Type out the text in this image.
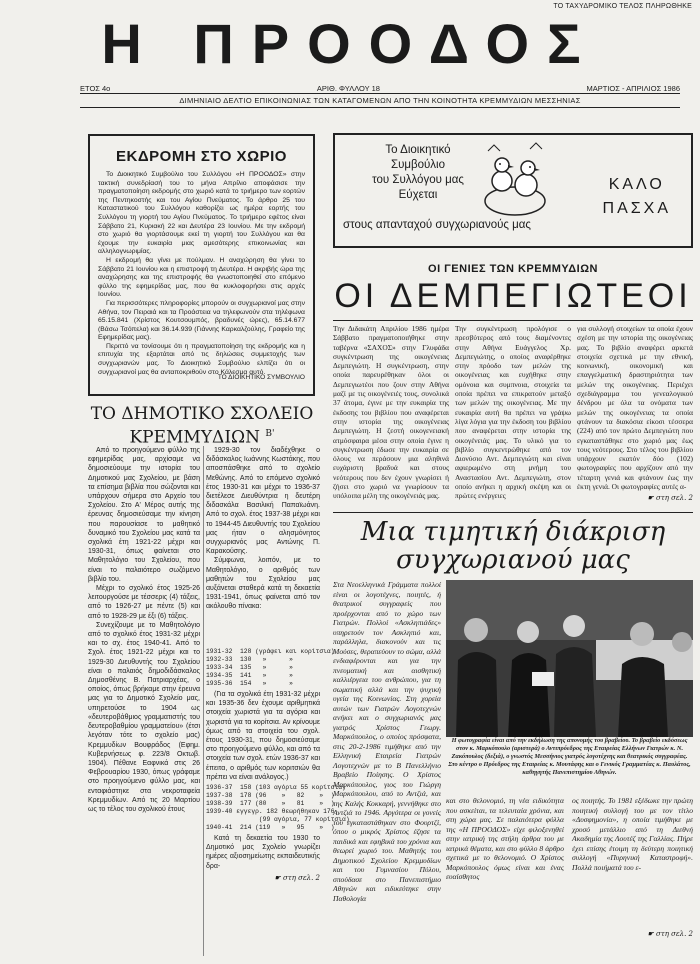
ΤΟ ΤΑΧΥΔΡΟΜΙΚΟ ΤΕΛΟΣ ΠΛΗΡΩΘΗΚΕ
Η ΠΡΟΟΔΟΣ
ΕΤΟΣ 4ο	ΑΡΙΘ. ΦΥΛΛΟΥ 18	ΜΑΡΤΙΟΣ - ΑΠΡΙΛΙΟΣ 1986
ΔΙΜΗΝΙΑΙΟ ΔΕΛΤΙΟ ΕΠΙΚΟΙΝΩΝΙΑΣ ΤΩΝ ΚΑΤΑΓΟΜΕΝΩΝ ΑΠΟ ΤΗΝ ΚΟΙΝΟΤΗΤΑ ΚΡΕΜΜΥΔΙΩΝ ΜΕΣΣΗΝΙΑΣ
ΕΚΔΡΟΜΗ ΣΤΟ ΧΩΡΙΟ

Το Διοικητικό Συμβούλιο του Συλλόγου «Η ΠΡΟΟΔΟΣ» στην τακτική συνεδρίασή του το μήνα Απρίλιο αποφάσισε την πραγματοποίηση εκδρομής στο χωριό κατά το τριήμερο των εορτών της Πεντηκοστής και του Αγίου Πνεύματος. Το άρθρο 25 του Καταστατικού του Συλλόγου καθορίζει ως ημέρα εορτής του Συλλόγου τη γιορτή του Αγίου Πνεύματος. Το τριήμερο εφέτος είναι Σάββατο 21, Κυριακή 22 και Δευτέρα 23 Ιουνίου. Με την εκδρομή στο χωριό θα γιορτάσουμε εκεί τη γιορτή του Συλλόγου και θα έχουμε την ευκαιρία μιας αμεσότερης επικοινωνίας και αλληλογνωριμίας.

Η εκδρομή θα γίνει με πούλμαν. Η αναχώρηση θα γίνει το Σάββατο 21 Ιουνίου και η επιστροφή τη Δευτέρα. Η ακριβής ώρα της αναχώρησης και της επιστροφής θα γνωστοποιηθεί στο επόμενο φύλλο της εφημερίδας μας, που θα κυκλοφορήσει στις αρχές Ιουνίου.

Για περισσότερες πληροφορίες μπορούν οι συγχωριανοί μας στην Αθήνα, τον Πειραιά και τα Προάστεια να τηλεφωνούν στα τηλέφωνα 65.15.841 (Χρίστος Κουτσουμπός, βραδυνές ώρες), 65.14.677 (Βάσω Τσόπελα) και 36.14.939 (Γιάννης Καρκαλζούλης, Γραφείο της Εφημερίδας μας).

Περιττό να τονίσουμε ότι η πραγματοποίηση της εκδρομής και η επιτυχία της εξαρτάται από τις δηλώσεις συμμετοχής των συγχωριανών μας. Το Διοικητικό Συμβούλιο ελπίζει ότι οι συγχωριανοί μας θα ανταποκριθούν στο Κάλεσμα αυτό.

ΤΟ ΔΙΟΙΚΗΤΙΚΟ ΣΥΜΒΟΥΛΙΟ
ΤΟ ΔΗΜΟΤΙΚΟ ΣΧΟΛΕΙΟ ΚΡΕΜΜΥΔΙΩΝ $^{B'}$

Από το προηγούμενο φύλλο της εφημερίδας μας, αρχίσαμε να δημοσιεύουμε την ιστορία του Δημοτικού μας Σχολείου, με βάση τα επίσημα βιβλία που σώζονται και υπάρχουν σήμερα στο Αρχείο του Σχολείου. Στο Α' Μέρος αυτής της έρευνας δημοσιεύσαμε την κίνηση που παρουσίασε το μαθητικό δυναμικό του Σχολείου μας κατά τα σχολικά έτη 1921-22 μέχρι και 1930-31, όπως φαίνεται στο Μαθητολόγιο του Σχολείου, που είναι το παλαιότερο σωζόμενο βιβλίο του.

Μέχρι το σχολικό έτος 1925-26 λειτουργούσε με τέσσερις (4) τάξεις, από το 1926-27 με πέντε (5) και από το 1928-29 με έξι (6) τάξεις.

Συνεχίζουμε με το Μαθητολόγιο από το σχολικό έτος 1931-32 μέχρι και το σχ. έτος 1940-41. Από το Σχολ. έτος 1921-22 μέχρι και το 1929-30 Διευθυντής του Σχολείου είναι ο παλαιός δημοδιδάσκαλος Δημοσθένης Β. Πατριαρχέας, ο οποίος, όπως βρήκαμε στην έρευνα μας για το Δημοτικό Σχολείο μας, υπηρετούσε το 1904 ως «δευτεροβάθμιος γραμματιστής του δευτεροβαθμίου γραμματείου» (έτσι λεγόταν τότε το σχολείο μας) Κρεμμυδίων Βουφράδος (Εφημ. Κυβερνήσεως φ. 223/8 Οκτωβ. 1904). Πέθανε Εαφνικά στις 26 Φεβρουαρίου 1930, όπως γράφαμε στο προηγούμενο φύλλο μας, και ενταφιάστηκε στα νεκροταφεία Κρεμμυδίων. Από τις 20 Μαρτίου ως το τέλος του σχολικού έτους

1929-30 τον διαδέχθηκε ο διδάσκαλος Ιωάννης Κωστάκης, που αποσπάσθηκε από το σχολείο Μεθώνης. Από το επόμενο σχολικό έτος 1930-31 και μέχρι το 1936-37 διετέλεσε Διευθύντρια η δευτέρη διδασκάλα Βασιλική Παπαϊωάνη. Από το σχολ. έτος 1937-38 μέχρι και το 1944-45 Διευθυντής του Σχολείου μας ήταν ο αλησμόνητος συγχωριανός μας Αντώνης Π. Καρακούσης.

Σύμφωνα, λοιπόν, με το Μαθητολόγιο, ο αριθμός των μαθητών του Σχολείου μας αυξάνεται σταθερά κατά τη δεκαετία 1931-1941, όπως φαίνεται από τον ακόλουθο πίνακα:

1931-32  128 (γράφει και κορίτσια)
1932-33  130   »      »
1933-34  135   »      »
1934-35  141   »      »
1935-36  154   »      »

(Για τα σχολικά έτη 1931-32 μέχρι και 1935-36 δεν έχουμε αριθμητικά στοιχεία χωριστά για τα αγόρια και χωριστά για τα κορίτσια. Αν κρίνουμε όμως από τα στοιχεία του σχολ. έτους 1930-31, που δημοσιεύσαμε στο προηγούμενο φύλλο, και από τα στοιχεία των σχολ. ετών 1936-37 και έπειτα, ο αριθμός των κοριτσιών θα πρέπει να είναι ανάλογος.)

1936-37  158 (103 αγόρια 55 κορίτσια)
1937-38  178 (96    »   82    »  )
1938-39  177 (80    »   81    »  )
1939-40 εγγεγρ. 182 θεωρήθηκαν 176
(99 αγόρια, 77 κορίτσια)
1940-41  214 (119   »   95    »  )

Κατά τη δεκαετία του 1930 το Δημοτικό μας Σχολείο γνωρίζει ημέρες αξιοσημείωτης εκπαιδευτικής δρα-

☛ στη σελ. 2
Το Διοικητικό
Συμβούλιο
του Συλλόγου μας
Εύχεται
στους απανταχού συγχωριανούς μας
ΚΑΛΟ
ΠΑΣΧΑ
ΟΙ ΓΕΝΙΕΣ ΤΩΝ ΚΡΕΜΜΥΔΙΩΝ
ΟΙ ΔΕΜΠΕΓΙΩΤΕΟΙ
Την Διδακάτη Απριλίου 1986 ημέρα Σάββατο πραγματοποιήθηκε στην ταβέρνα «ΣΑΧΟΣ» στην Γλυφάδα συγκέντρωση της οικογένειας Δεμπεγιώτη. Η συγκέντρωση, στην οποία παρευρέθηκαν όλοι οι Δεμπεγιωτέοι που ζουν στην Αθήνα μαζί με τις οικογένειές τους, συνολικά 37 άτομα, έγινε με την ευκαιρία της έκδοσης του βιβλίου που αναφέρεται στην ιστορία της οικογένειας Δεμπεγιώτη. Η ζεστή οικογενειακή ατμόσφαιρα μέσα στην οποία έγινε η συγκέντρωση έδωσε την ευκαιρία σε όλους να περάσουν μια αληθινά ευχάριστη βραδυά και στους νεότερους που δεν έχουν γνωρίσει ή ζήσει στο χωριό να γνωρίσουν τα υπόλοιπα μέλη της οικογένειάς μας.
Την συγκέντρωση προλόγισε ο πρεσβύτερος από τους διαμένοντες στην Αθήνα Ευάγγελος Χρ. Δεμπεγιώτης, ο οποίος αναφέρθηκε στην πρόοδο των μελών της οικογένειας και ευχήθηκε στην ομόνοια και συμπνοια, στοιχεία τα οποία πρέπει να επικρατούν μεταξύ των μελών της οικογένειας. Με την ευκαιρία αυτή θα πρέπει να γράψω λίγα λόγια για την έκδοση του βιβλίου που αναφέρεται στην ιστορία της οικογένειάς μας. Το υλικό για το βιβλίο συγκεντρώθηκε από τον Διονύσιο Αντ. Δεμπεγιώτη και είναι αφιερωμένο στη μνήμη του Αναστασίου Αντ. Δεμπεγιώτη, στον οποίο ανήκει η αρχική σκέψη και οι πρώτες ενέργειες
για συλλογή στοιχείων τα οποία έχουν σχέση με την ιστορία της οικογένειας μας. Το βιβλίο αναφέρει αρκετά στοιχεία σχετικά με την εθνική, κοινωνική, οικονομική και επαγγελματική δραστηριότητα των μελών της οικογένειας. Περιέχει σχεδιάγραμμα του γενεαλογικού δένδρου με όλα τα ονόματα των μελών της οικογένειας τα οποία φτάνουν τα διακόσια είκοσι τέσσερα (224) από τον πρώτο Δεμπεγιώτη που εγκαταστάθηκε στο χωριό μας έως τους νεότερους. Στο τέλος του βιβλίου υπάρχουν εκατόν δύο (102) φωτογραφίες που αρχίζουν από την τέταρτη γενιά και φτάνουν έως την έκτη γενιά. Οι φωτογραφίες αυτές α-
☛ στη σελ. 2
Μια τιμητική διάκριση
συγχωριανού μας
Στα Νεοελληνικά Γράμματα πολλοί είναι οι λογοτέχνες, ποιητές, ή θεατρικοί συγγραφείς που προέρχονται από το χώρο των Γιατρών. Πολλοί «Ασκληπιάδες» υπηρετούν τον Ασκληπιό και, παράλληλα, διακονούν και τις Μούσες, θεραπεύουν το σώμα, αλλά ενδιαφέρονται και για την πνευματική και αισθητική καλλιέργεια του ανθρώπου, για τη σωματική αλλά και την ψυχική υγεία της Κοινωνίας. Στη χορεία αυτών των Γιατρών Λογοτεχνών ανήκει και ο συγχωριανός μας γιατρός Χρίστος Γεωργ. Μαρκόπουλος, ο οποίος πρόσφατα, στις 20-2-1986 τιμήθηκε από την Ελληνική Εταιρεία Γιατρών Λογοτεχνών με το Β Πανελλήνιο Βραβείο Ποίησης. Ο Χρίστος Μαρκόπουλος, γιος του Γιώργη Μαρκόπουλου, από το Αντζιά, και της Καλής Κοκκαρή, γεννήθηκε στο Αντζιά το 1946. Αργότερα οι γονείς του εγκαταστάθηκαν στο Φουρτζί, όπου ο μικρός Χρίστος έζησε τα παιδικά και εφηβικά του χρόνια και θεωρεί χωριό του. Μαθητής του Δημοτικού Σχολείου Κρεμμυδίων και του Γυμνασίου Πύλου, σπούδασε στο Πανεπιστήμιο Αθηνών και ειδικεύτηκε στην Παθολογία
Η φωτογραφία είναι από την εκδήλωση της απονομής του βραβείου. Το βραβείο εκδόσεως στον κ. Μαρκόπουλο (αριστερά) ο Αντιπρόεδρος της Εταιρείας Ελλήνων Γιατρών κ. Ν. Ζακόπουλος (δεξιά), ο γνωστός Μεσσήνιος γιατρός λογοτέχνης και θεατρικός συγγραφέας. Στο κέντρο ο Πρόεδρος της Εταιρείας κ. Μουτάφης και ο Γενικός Γραμματέας κ. Παυλάτος, καθηγητής Πανεπιστημίου Αθηνών.
και στο θελονομιό, τη νέα ειδικότητα που ασκείται, τα τελευταία χρόνια, και στη χώρα μας. Σε παλαιότερα φύλλα της «Η ΠΡΟΟΔΟΣ» είχε φιλοξενηθεί στην ιατρική της στήλη άρθρα του με ιατρικά θέματα, και στο φύλλο 8 άρθρο σχετικά με το θελονομιό. Ο Χρίστος Μαρκόπουλος όμως είναι και ένας ευαίσθητος
ος ποιητής. Το 1981 εξέδωκε την πρώτη ποιητική συλλογή του με τον τίτλο «Δυσφημονία», η οποία τιμήθηκε με χρυσό μετάλλιο από τη Διεθνή Ακαδημία της Λουτέζ της Γαλλίας. Πήρε έχει επίσης έτοιμη τη δεύτερη ποιητική συλλογή «Πυρηνική Καταστροφή». Πολλά ποιήματά του ε-
☛ στη σελ. 2
